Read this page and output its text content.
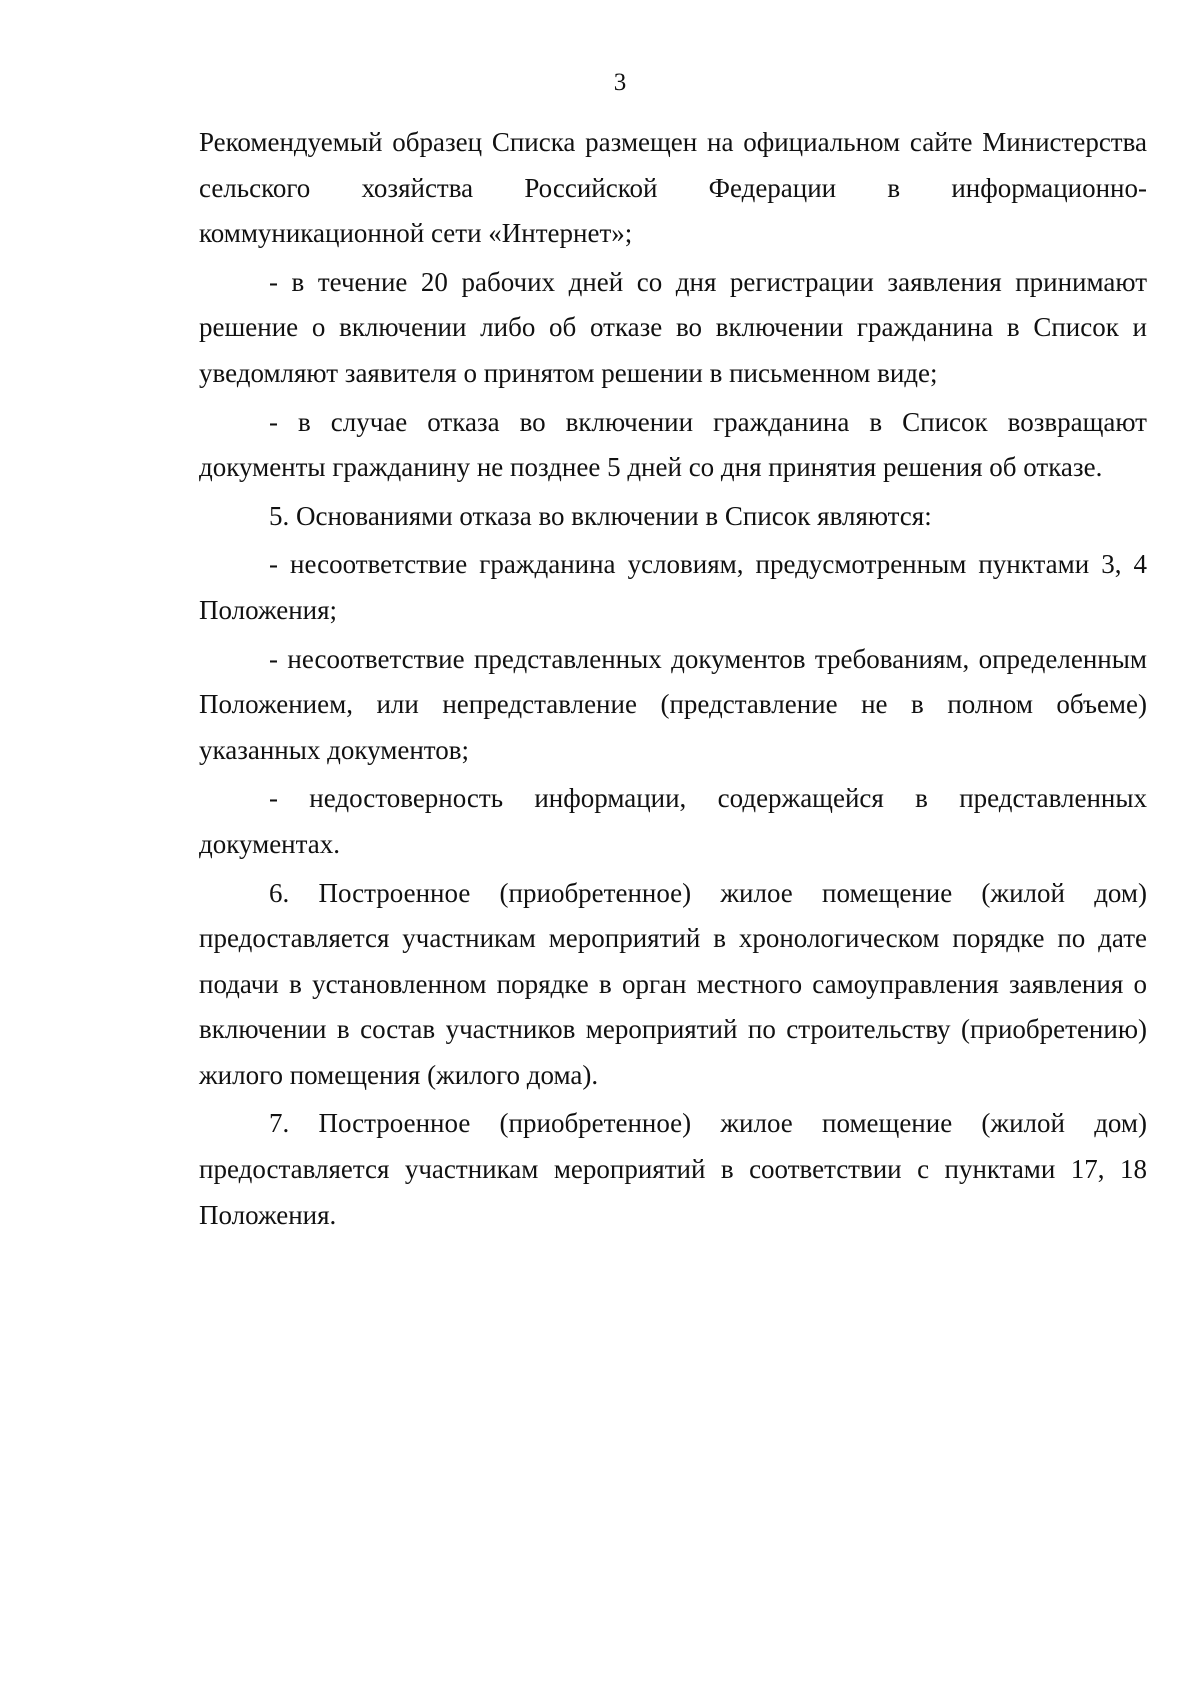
3

Рекомендуемый образец Списка размещен на официальном сайте Министерства сельского хозяйства Российской Федерации в информационно-коммуникационной сети «Интернет»;

- в течение 20 рабочих дней со дня регистрации заявления принимают решение о включении либо об отказе во включении гражданина в Список и уведомляют заявителя о принятом решении в письменном виде;

- в случае отказа во включении гражданина в Список возвращают документы гражданину не позднее 5 дней со дня принятия решения об отказе.

5. Основаниями отказа во включении в Список являются:

- несоответствие гражданина условиям, предусмотренным пунктами 3, 4 Положения;

- несоответствие представленных документов требованиям, определенным Положением, или непредставление (представление не в полном объеме) указанных документов;

- недостоверность информации, содержащейся в представленных документах.

6. Построенное (приобретенное) жилое помещение (жилой дом) предоставляется участникам мероприятий в хронологическом порядке по дате подачи в установленном порядке в орган местного самоуправления заявления о включении в состав участников мероприятий по строительству (приобретению) жилого помещения (жилого дома).

7. Построенное (приобретенное) жилое помещение (жилой дом) предоставляется участникам мероприятий в соответствии с пунктами 17, 18 Положения.
